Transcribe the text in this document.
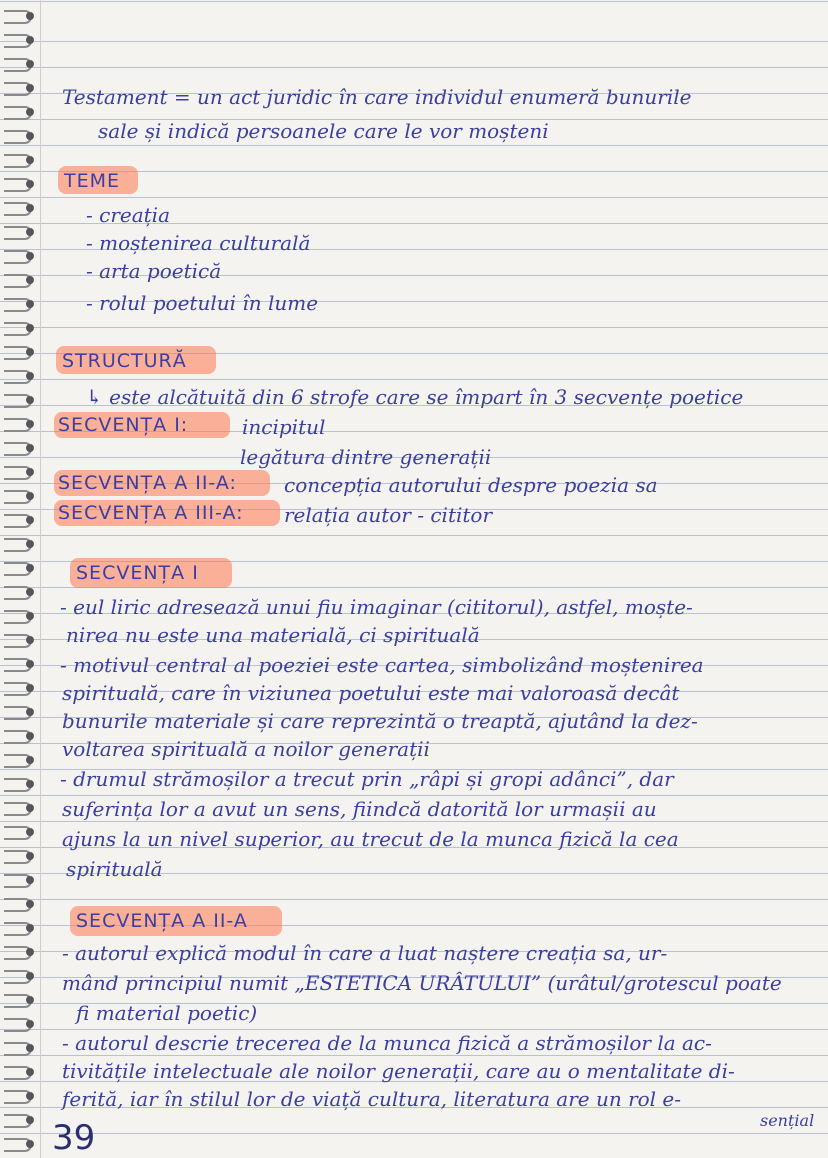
Testament = un act juridic în care individul enumeră bunurile
sale și indică persoanele care le vor moșteni
TEME
- creația
- moștenirea culturală
- arta poetică
- rolul poetului în lume
STRUCTURĂ
↳ este alcătuită din 6 strofe care se împart în 3 secvențe poetice
SECVENȚA I:	incipitul
legătura dintre generații
SECVENȚA A II-A: concepția autorului despre poezia sa
SECVENȚA A III-A: relația autor - cititor
SECVENȚA I
- eul liric adresează unui fiu imaginar (cititorul), astfel, moște-
nirea nu este una materială, ci spirituală
- motivul central al poeziei este cartea, simbolizând moștenirea
spirituală, care în viziunea poetului este mai valoroasă decât
bunurile materiale și care reprezintă o treaptă, ajutând la dez-
voltarea spirituală a noilor generații
- drumul strămoșilor a trecut prin „râpi și gropi adânci”, dar
suferința lor a avut un sens, fiindcă datorită lor urmașii au
ajuns la un nivel superior, au trecut de la munca fizică la cea
spirituală
SECVENȚA A II-A
- autorul explică modul în care a luat naștere creația sa, ur-
mând principiul numit „ESTETICA URÂTULUI” (urâtul/grotescul poate
fi material poetic)
- autorul descrie trecerea de la munca fizică a strămoșilor la ac-
tivitățile intelectuale ale noilor generații, care au o mentalitate di-
ferită, iar în stilul lor de viață cultura, literatura are un rol e-
sențial
39
